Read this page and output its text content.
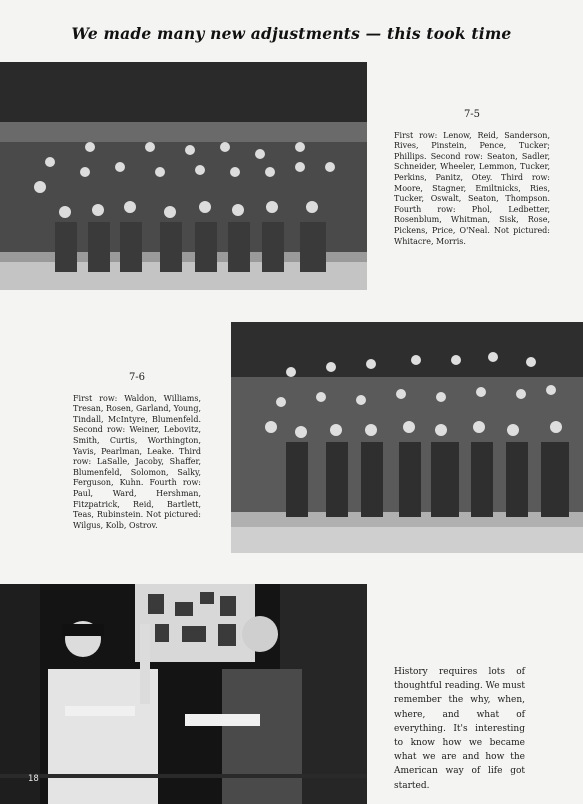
We made many new adjustments — this took time
7-5
First row: Lenow, Reid, Sanderson, Rives, Pinstein, Pence, Tucker; Phillips. Second row: Seaton, Sadler, Schneider, Wheeler, Lemmon, Tucker, Perkins, Panitz, Otey. Third row: Moore, Stagner, Emiltnicks, Ries, Tucker, Oswalt, Seaton, Thompson. Fourth row: Phol, Ledbetter, Rosenblum, Whitman, Sisk, Rose, Pickens, Price, O'Neal. Not pictured: Whitacre, Morris.
7-6
First row: Waldon, Williams, Tresan, Rosen, Garland, Young, Tindall, McIntyre, Blumenfeld. Second row: Weiner, Lebovitz, Smith, Curtis, Worthington, Yavis, Pearlman, Leake. Third row: LaSalle, Jacoby, Shaffer, Blumenfeld, Solomon, Salky, Ferguson, Kuhn. Fourth row: Paul, Ward, Hershman, Fitzpatrick, Reid, Bartlett, Teas, Rubinstein. Not pictured: Wilgus, Kolb, Ostrov.
18
History requires lots of thoughtful reading. We must remember the why, when, where, and what of everything. It's interesting to know how we became what we are and how the American way of life got started.
